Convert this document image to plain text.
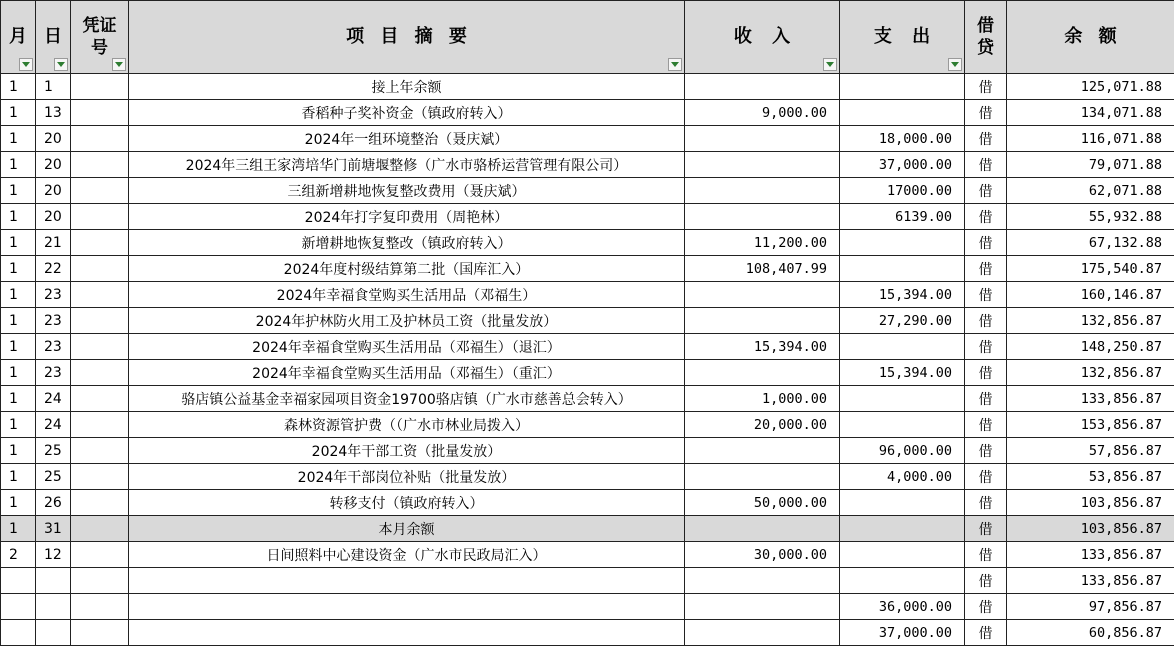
月	日	凭证号	项 目 摘 要	收 入	支 出	借贷	余 额

1	1		接上年余额			借	125,071.88
1	13		香稻种子奖补资金（镇政府转入）	9,000.00		借	134,071.88
1	20		2024年一组环境整治（聂庆斌）		18,000.00	借	116,071.88
1	20		2024年三组王家湾培华门前塘堰整修（广水市骆桥运营管理有限公司）		37,000.00	借	79,071.88
1	20		三组新增耕地恢复整改费用（聂庆斌）		17000.00	借	62,071.88
1	20		2024年打字复印费用（周艳林）		6139.00	借	55,932.88
1	21		新增耕地恢复整改（镇政府转入）	11,200.00		借	67,132.88
1	22		2024年度村级结算第二批（国库汇入）	108,407.99		借	175,540.87
1	23		2024年幸福食堂购买生活用品（邓福生）		15,394.00	借	160,146.87
1	23		2024年护林防火用工及护林员工资（批量发放）		27,290.00	借	132,856.87
1	23		2024年幸福食堂购买生活用品（邓福生）（退汇）	15,394.00		借	148,250.87
1	23		2024年幸福食堂购买生活用品（邓福生）（重汇）		15,394.00	借	132,856.87
1	24		骆店镇公益基金幸福家园项目资金19700骆店镇（广水市慈善总会转入）	1,000.00		借	133,856.87
1	24		森林资源管护费（（广水市林业局拨入）	20,000.00		借	153,856.87
1	25		2024年干部工资（批量发放）		96,000.00	借	57,856.87
1	25		2024年干部岗位补贴（批量发放）		4,000.00	借	53,856.87
1	26		转移支付（镇政府转入）	50,000.00		借	103,856.87
1	31		本月余额			借	103,856.87
2	12		日间照料中心建设资金（广水市民政局汇入）	30,000.00		借	133,856.87
						借	133,856.87
					36,000.00	借	97,856.87
					37,000.00	借	60,856.87
